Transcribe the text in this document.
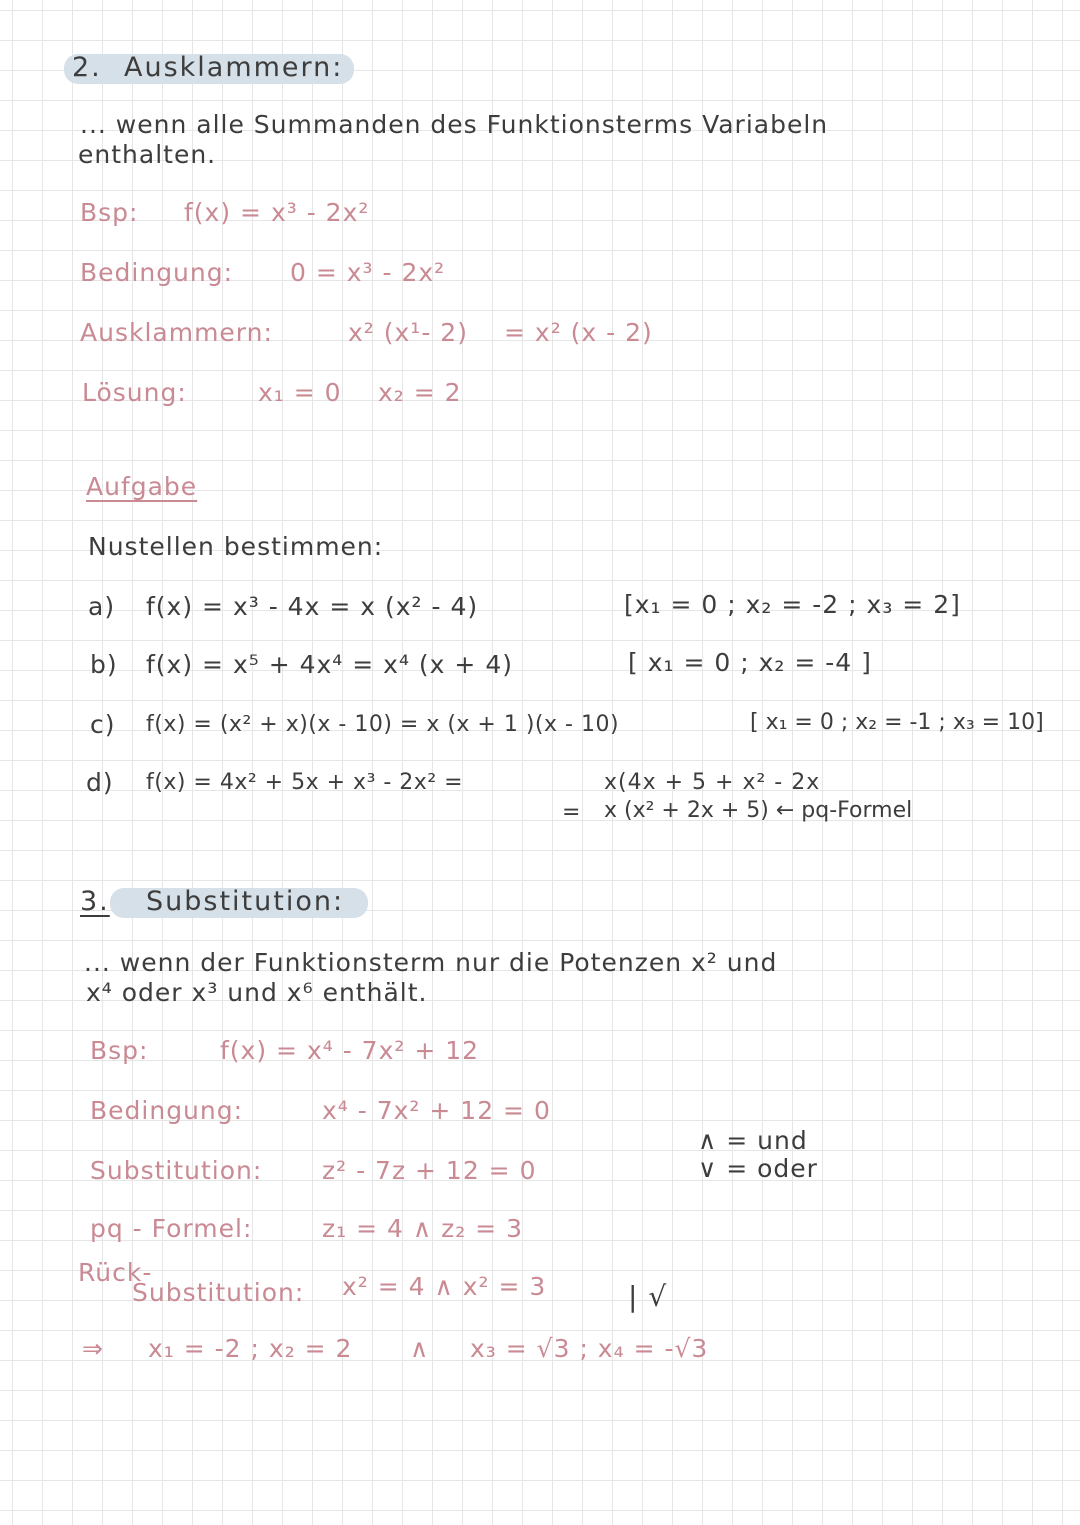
2. Ausklammern:
... wenn alle Summanden des Funktionsterms Variabeln
enthalten.
Bsp: f(x) = x³ - 2x²
Bedingung: 0 = x³ - 2x²
Ausklammern:	x² (x¹- 2) = x² (x - 2)
Lösung:	x₁ = 0 x₂ = 2
Aufgabe
Nustellen bestimmen:
a) f(x) = x³ - 4x = x (x² - 4)	[x₁ = 0 ; x₂ = -2 ; x₃ = 2]
b) f(x) = x⁵ + 4x⁴ = x⁴ (x + 4)	[ x₁ = 0 ; x₂ = -4 ]
c) f(x) = (x² + x)(x - 10) = x (x + 1 )(x - 10)	[ x₁ = 0 ; x₂ = -1 ; x₃ = 10]
d) f(x) = 4x² + 5x + x³ - 2x² =	x(4x + 5 + x² - 2x
= x (x² + 2x + 5) ← pq-Formel
3. Substitution:
... wenn der Funktionsterm nur die Potenzen x² und
x⁴ oder x³ und x⁶ enthält.
Bsp:	f(x) = x⁴ - 7x² + 12
Bedingung:	x⁴ - 7x² + 12 = 0
∧ = und
∨ = oder
Substitution: z² - 7z + 12 = 0
pq - Formel:	z₁ = 4 ∧ z₂ = 3
Rück-
Substitution: x² = 4 ∧ x² = 3	| √
⇒ x₁ = -2 ; x₂ = 2 ∧ x₃ = √3 ; x₄ = -√3
